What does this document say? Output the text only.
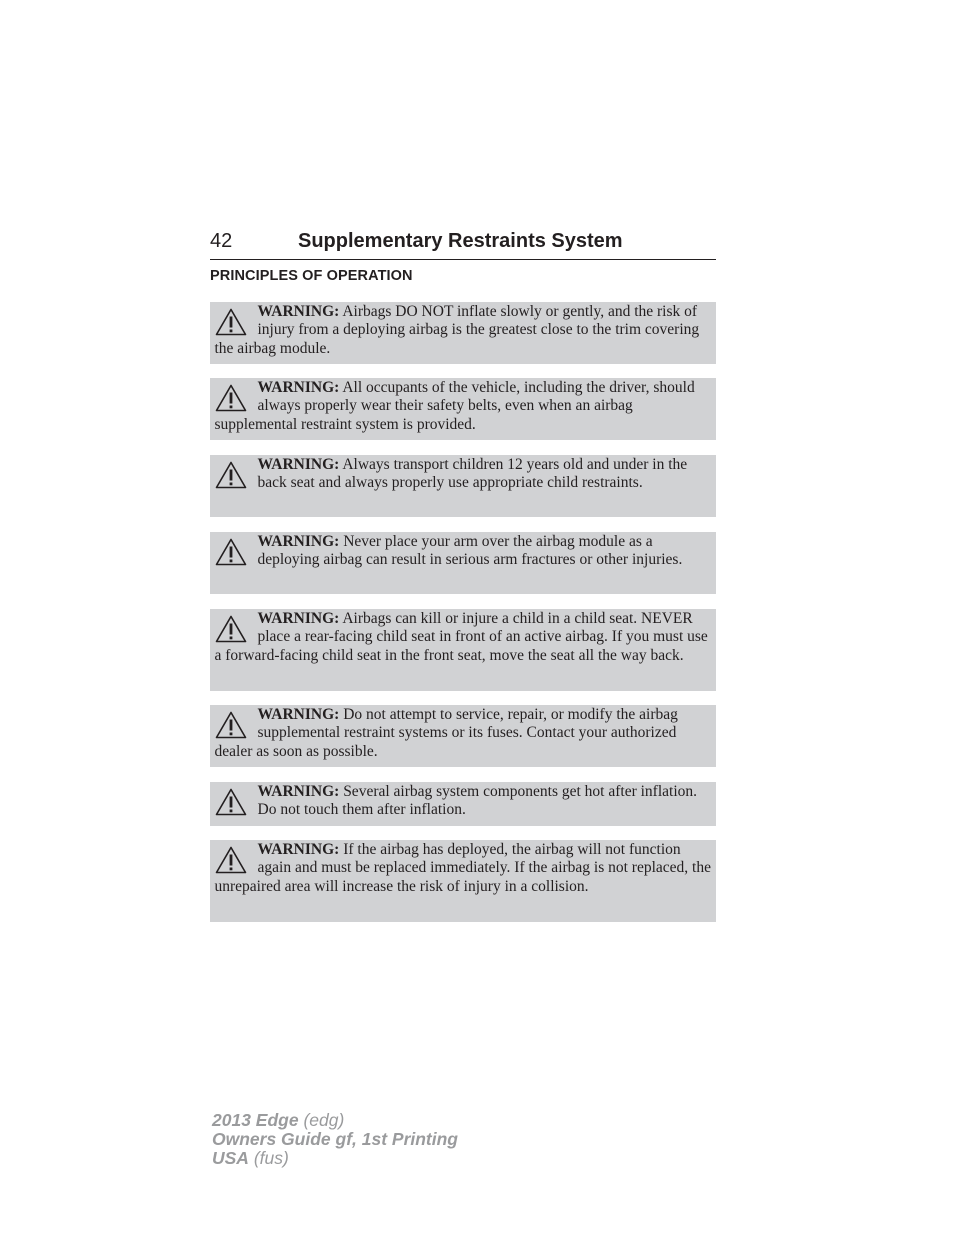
42	Supplementary Restraints System
PRINCIPLES OF OPERATION

WARNING: Airbags DO NOT inflate slowly or gently, and the risk of injury from a deploying airbag is the greatest close to the trim covering the airbag module.

WARNING: All occupants of the vehicle, including the driver, should always properly wear their safety belts, even when an airbag supplemental restraint system is provided.

WARNING: Always transport children 12 years old and under in the back seat and always properly use appropriate child restraints.

WARNING: Never place your arm over the airbag module as a deploying airbag can result in serious arm fractures or other injuries.

WARNING: Airbags can kill or injure a child in a child seat. NEVER place a rear-facing child seat in front of an active airbag. If you must use a forward-facing child seat in the front seat, move the seat all the way back.

WARNING: Do not attempt to service, repair, or modify the airbag supplemental restraint systems or its fuses. Contact your authorized dealer as soon as possible.

WARNING: Several airbag system components get hot after inflation. Do not touch them after inflation.

WARNING: If the airbag has deployed, the airbag will not function again and must be replaced immediately. If the airbag is not replaced, the unrepaired area will increase the risk of injury in a collision.

2013 Edge (edg)
Owners Guide gf, 1st Printing
USA (fus)
